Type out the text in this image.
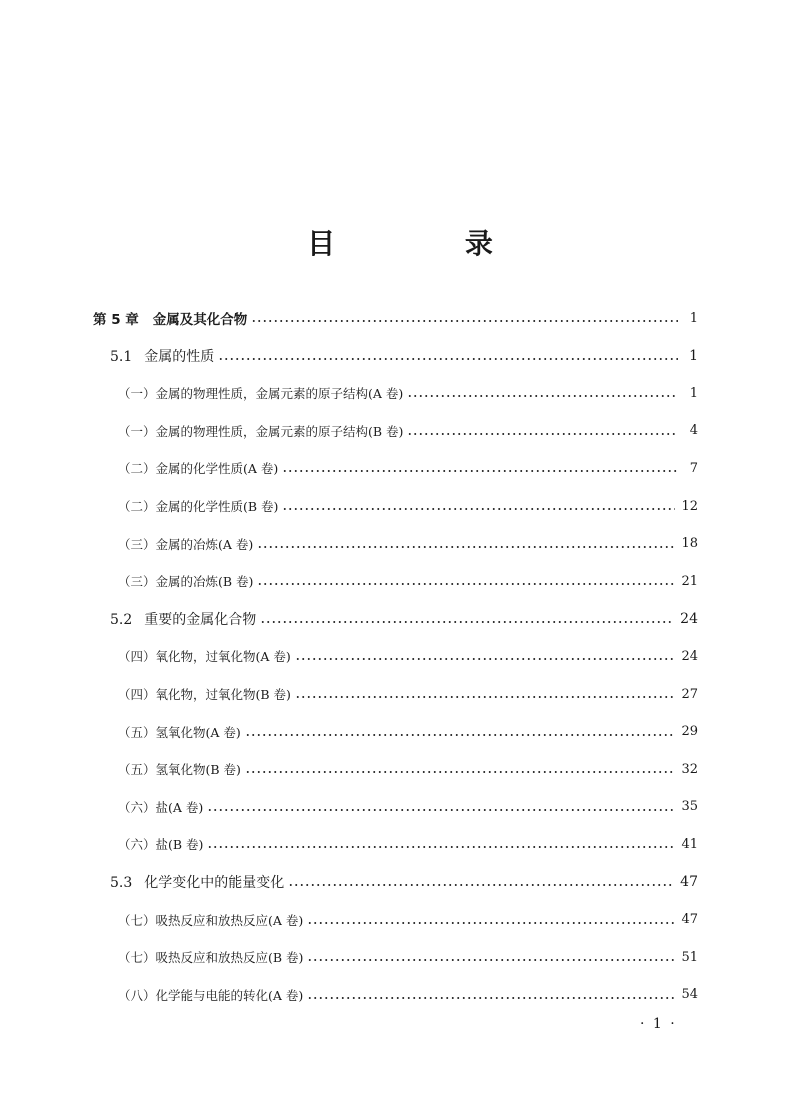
目 录
第 5 章 金属及其化合物	1
5.1 金属的性质	1
（一）金属的物理性质，金属元素的原子结构(A 卷)	1
（一）金属的物理性质，金属元素的原子结构(B 卷)	4
（二）金属的化学性质(A 卷)	7
（二）金属的化学性质(B 卷)	12
（三）金属的冶炼(A 卷)	18
（三）金属的冶炼(B 卷)	21
5.2 重要的金属化合物	24
（四）氧化物，过氧化物(A 卷)	24
（四）氧化物，过氧化物(B 卷)	27
（五）氢氧化物(A 卷)	29
（五）氢氧化物(B 卷)	32
（六）盐(A 卷)	35
（六）盐(B 卷)	41
5.3 化学变化中的能量变化	47
（七）吸热反应和放热反应(A 卷)	47
（七）吸热反应和放热反应(B 卷)	51
（八）化学能与电能的转化(A 卷)	54
· 1 ·
